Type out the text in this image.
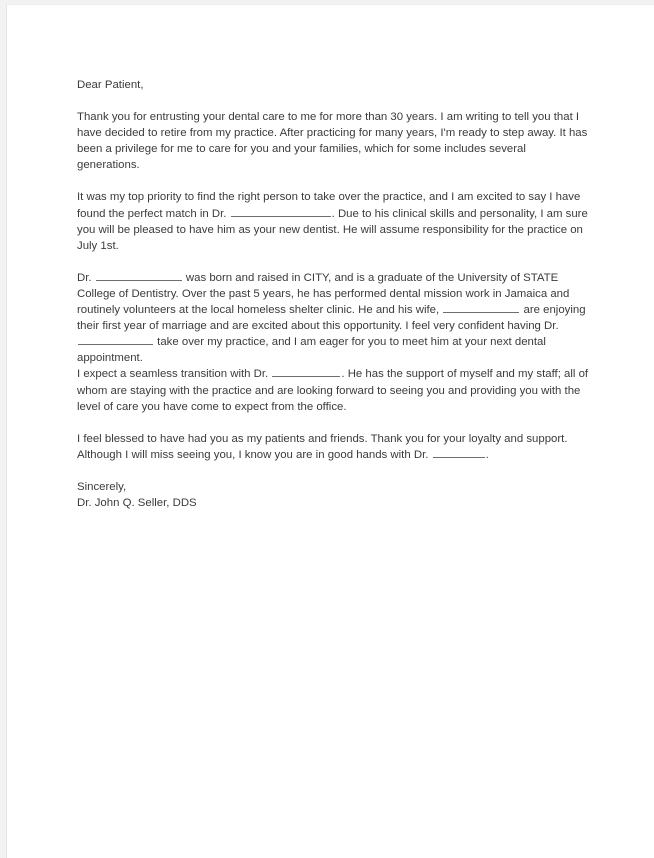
Dear Patient,

Thank you for entrusting your dental care to me for more than 30 years. I am writing to tell you that I have decided to retire from my practice. After practicing for many years, I'm ready to step away. It has been a privilege for me to care for you and your families, which for some includes several generations.

It was my top priority to find the right person to take over the practice, and I am excited to say I have found the perfect match in Dr.	. Due to his clinical skills and personality, I am sure you will be pleased to have him as your new dentist. He will assume responsibility for the practice on July 1st.

Dr.	was born and raised in CITY, and is a graduate of the University of STATE College of Dentistry. Over the past 5 years, he has performed dental mission work in Jamaica and routinely volunteers at the local homeless shelter clinic. He and his wife,	are enjoying their first year of marriage and are excited about this opportunity. I feel very confident having Dr.  take over my practice, and I am eager for you to meet him at your next dental appointment.

I expect a seamless transition with Dr.	. He has the support of myself and my staff; all of whom are staying with the practice and are looking forward to seeing you and providing you with the level of care you have come to expect from the office.

I feel blessed to have had you as my patients and friends. Thank you for your loyalty and support. Although I will miss seeing you, I know you are in good hands with Dr.	.

Sincerely,
Dr. John Q. Seller, DDS
